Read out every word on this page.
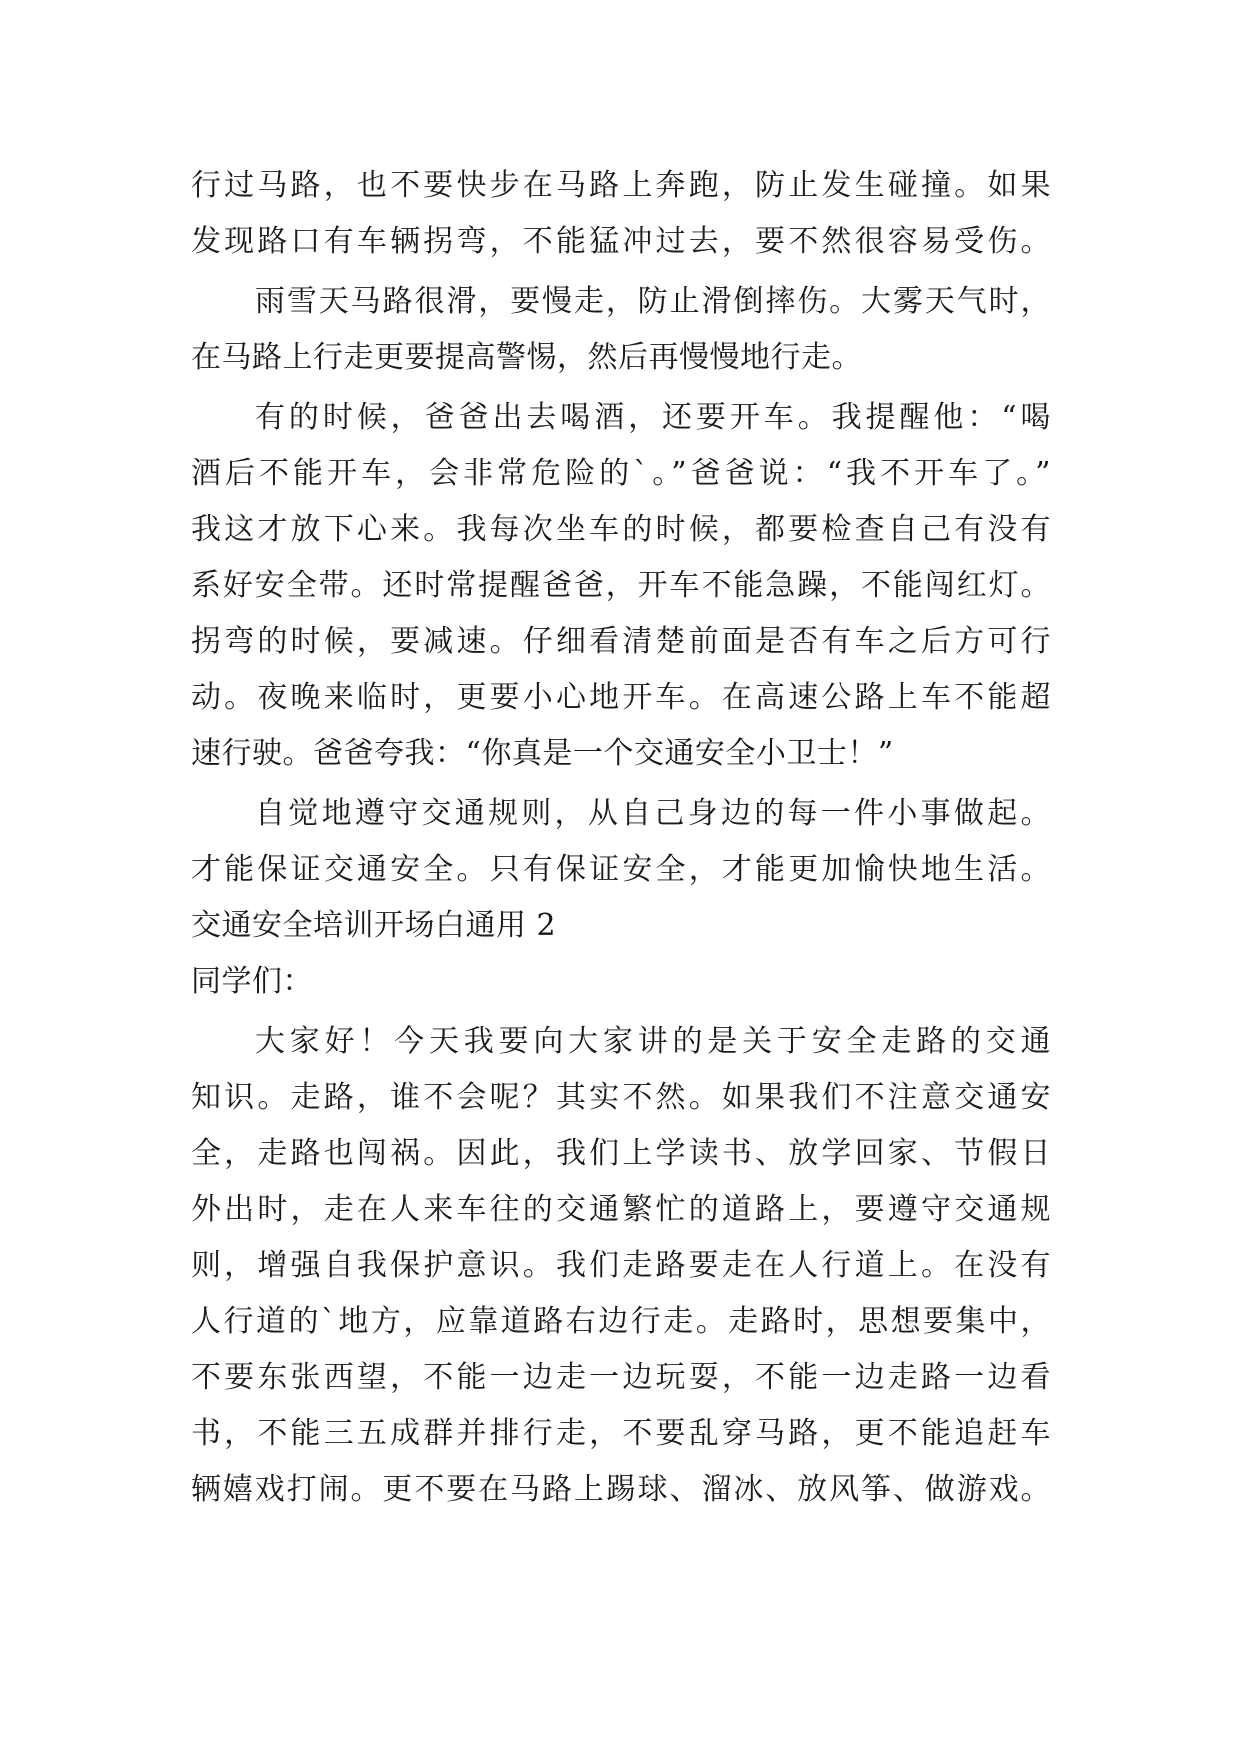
行过马路，也不要快步在马路上奔跑，防止发生碰撞。如果
发现路口有车辆拐弯，不能猛冲过去，要不然很容易受伤。
雨雪天马路很滑，要慢走，防止滑倒摔伤。大雾天气时，
在马路上行走更要提高警惕，然后再慢慢地行走。
有的时候，爸爸出去喝酒，还要开车。我提醒他：“喝
酒后不能开车，会非常危险的`。”爸爸说：“我不开车了。”
我这才放下心来。我每次坐车的时候，都要检查自己有没有
系好安全带。还时常提醒爸爸，开车不能急躁，不能闯红灯。
拐弯的时候，要减速。仔细看清楚前面是否有车之后方可行
动。夜晚来临时，更要小心地开车。在高速公路上车不能超
速行驶。爸爸夸我：“你真是一个交通安全小卫士！”
自觉地遵守交通规则，从自己身边的每一件小事做起。
才能保证交通安全。只有保证安全，才能更加愉快地生活。
交通安全培训开场白通用 2
同学们：
大家好！今天我要向大家讲的是关于安全走路的交通
知识。走路，谁不会呢？其实不然。如果我们不注意交通安
全，走路也闯祸。因此，我们上学读书、放学回家、节假日
外出时，走在人来车往的交通繁忙的道路上，要遵守交通规
则，增强自我保护意识。我们走路要走在人行道上。在没有
人行道的`地方，应靠道路右边行走。走路时，思想要集中，
不要东张西望，不能一边走一边玩耍，不能一边走路一边看
书，不能三五成群并排行走，不要乱穿马路，更不能追赶车
辆嬉戏打闹。更不要在马路上踢球、溜冰、放风筝、做游戏。
